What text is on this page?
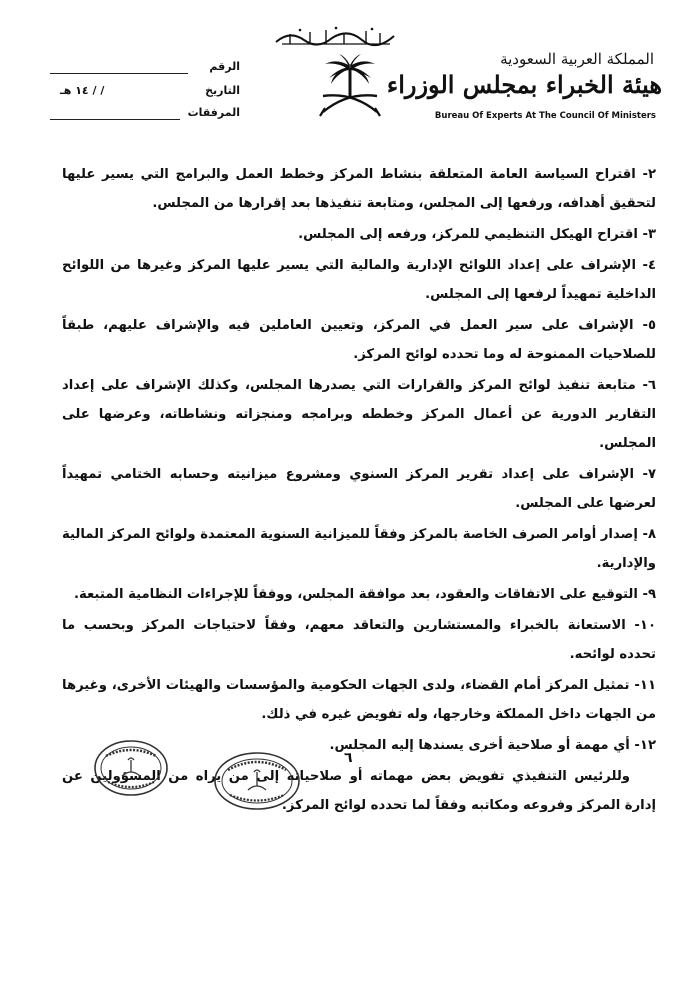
المملكة العربية السعودية
هيئة الخبراء بمجلس الوزراء
Bureau Of Experts At The Council Of Ministers
الرقم
التاريخ
/ / ١٤ هـ
المرفقات

٢- اقتراح السياسة العامة المتعلقة بنشاط المركز وخطط العمل والبرامج التي يسير عليها لتحقيق أهدافه، ورفعها إلى المجلس، ومتابعة تنفيذها بعد إقرارها من المجلس.

٣- اقتراح الهيكل التنظيمي للمركز، ورفعه إلى المجلس.

٤- الإشراف على إعداد اللوائح الإدارية والمالية التي يسير عليها المركز وغيرها من اللوائح الداخلية تمهيداً لرفعها إلى المجلس.

٥- الإشراف على سير العمل في المركز، وتعيين العاملين فيه والإشراف عليهم، طبقاً للصلاحيات الممنوحة له وما تحدده لوائح المركز.

٦- متابعة تنفيذ لوائح المركز والقرارات التي يصدرها المجلس، وكذلك الإشراف على إعداد التقارير الدورية عن أعمال المركز وخططه وبرامجه ومنجزاته ونشاطاته، وعرضها على المجلس.

٧- الإشراف على إعداد تقرير المركز السنوي ومشروع ميزانيته وحسابه الختامي تمهيداً لعرضها على المجلس.

٨- إصدار أوامر الصرف الخاصة بالمركز وفقاً للميزانية السنوية المعتمدة ولوائح المركز المالية والإدارية.

٩- التوقيع على الاتفاقات والعقود، بعد موافقة المجلس، ووفقاً للإجراءات النظامية المتبعة.

١٠- الاستعانة بالخبراء والمستشارين والتعاقد معهم، وفقاً لاحتياجات المركز وبحسب ما تحدده لوائحه.

١١- تمثيل المركز أمام القضاء، ولدى الجهات الحكومية والمؤسسات والهيئات الأخرى، وغيرها من الجهات داخل المملكة وخارجها، وله تفويض غيره في ذلك.

١٢- أي مهمة أو صلاحية أخرى يسندها إليه المجلس.

وللرئيس التنفيذي تفويض بعض مهماته أو صلاحياته إلى من يراه من المسؤولين عن إدارة المركز وفروعه ومكاتبه وفقاً لما تحدده لوائح المركز.

٦
